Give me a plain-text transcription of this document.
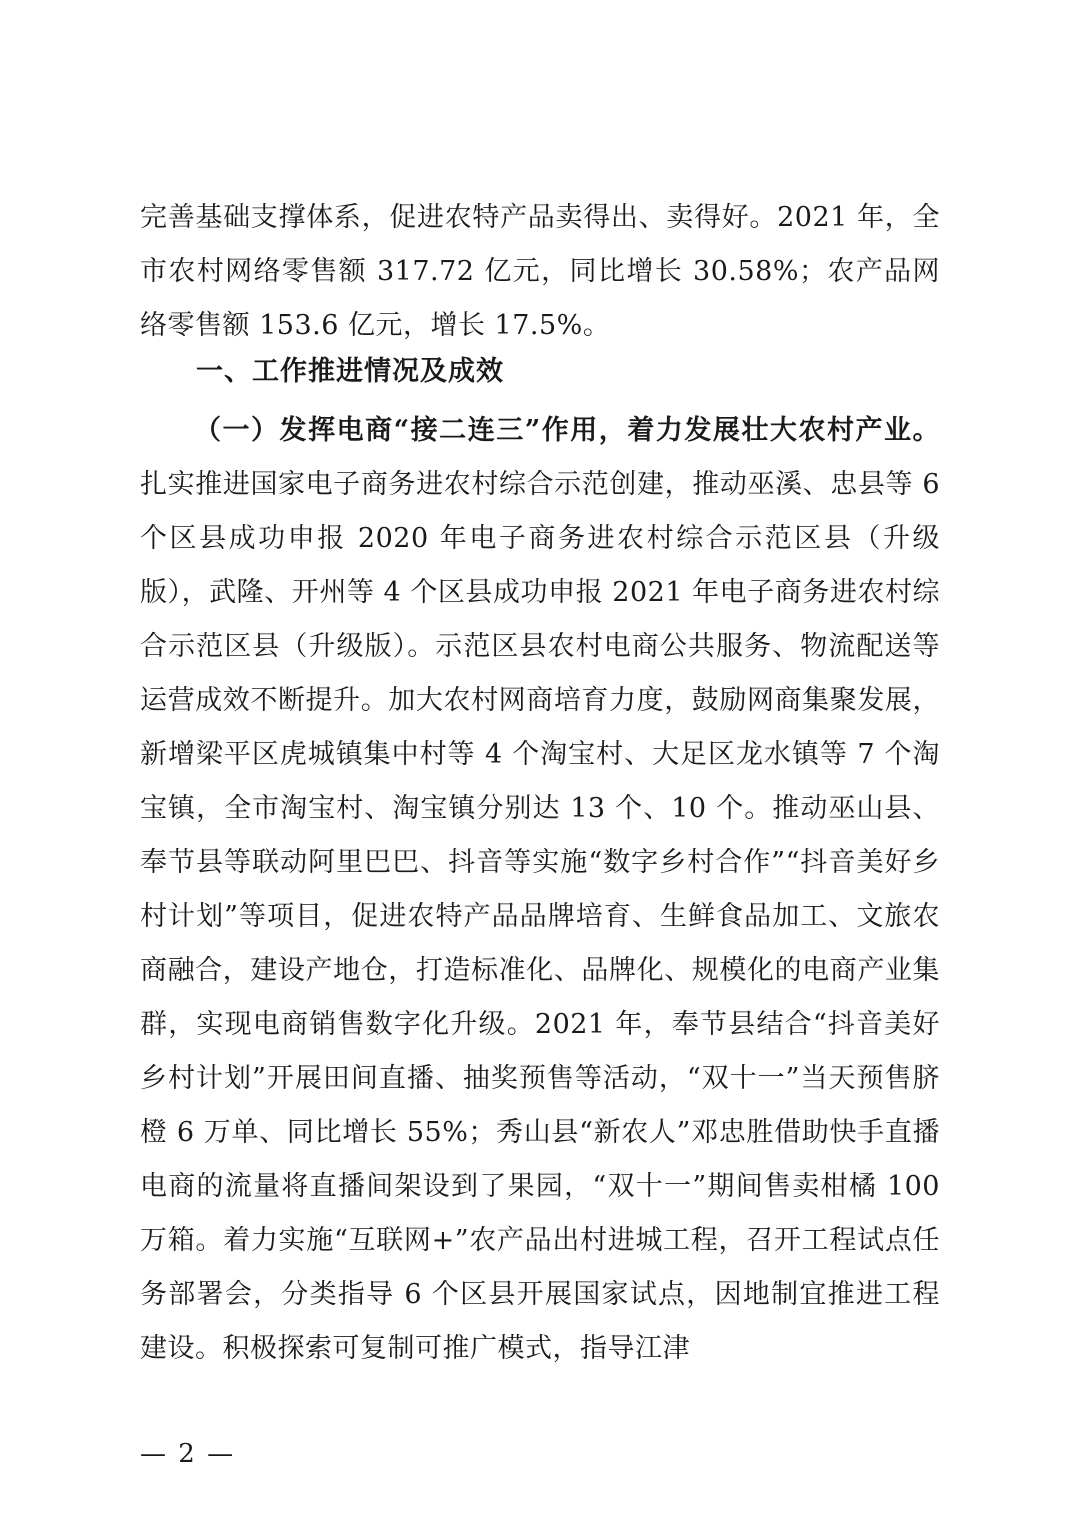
完善基础支撑体系，促进农特产品卖得出、卖得好。2021 年，全市农村网络零售额 317.72 亿元，同比增长 30.58%；农产品网络零售额 153.6 亿元，增长 17.5%。

一、工作推进情况及成效

（一）发挥电商“接二连三”作用，着力发展壮大农村产业。扎实推进国家电子商务进农村综合示范创建，推动巫溪、忠县等 6 个区县成功申报 2020 年电子商务进农村综合示范区县（升级版），武隆、开州等 4 个区县成功申报 2021 年电子商务进农村综合示范区县（升级版）。示范区县农村电商公共服务、物流配送等运营成效不断提升。加大农村网商培育力度，鼓励网商集聚发展，新增梁平区虎城镇集中村等 4 个淘宝村、大足区龙水镇等 7 个淘宝镇，全市淘宝村、淘宝镇分别达 13 个、10 个。推动巫山县、奉节县等联动阿里巴巴、抖音等实施“数字乡村合作”“抖音美好乡村计划”等项目，促进农特产品品牌培育、生鲜食品加工、文旅农商融合，建设产地仓，打造标准化、品牌化、规模化的电商产业集群，实现电商销售数字化升级。2021 年，奉节县结合“抖音美好乡村计划”开展田间直播、抽奖预售等活动，“双十一”当天预售脐橙 6 万单、同比增长 55%；秀山县“新农人”邓忠胜借助快手直播电商的流量将直播间架设到了果园，“双十一”期间售卖柑橘 100 万箱。着力实施“互联网+”农产品出村进城工程，召开工程试点任务部署会，分类指导 6 个区县开展国家试点，因地制宜推进工程建设。积极探索可复制可推广模式，指导江津

— 2 —
